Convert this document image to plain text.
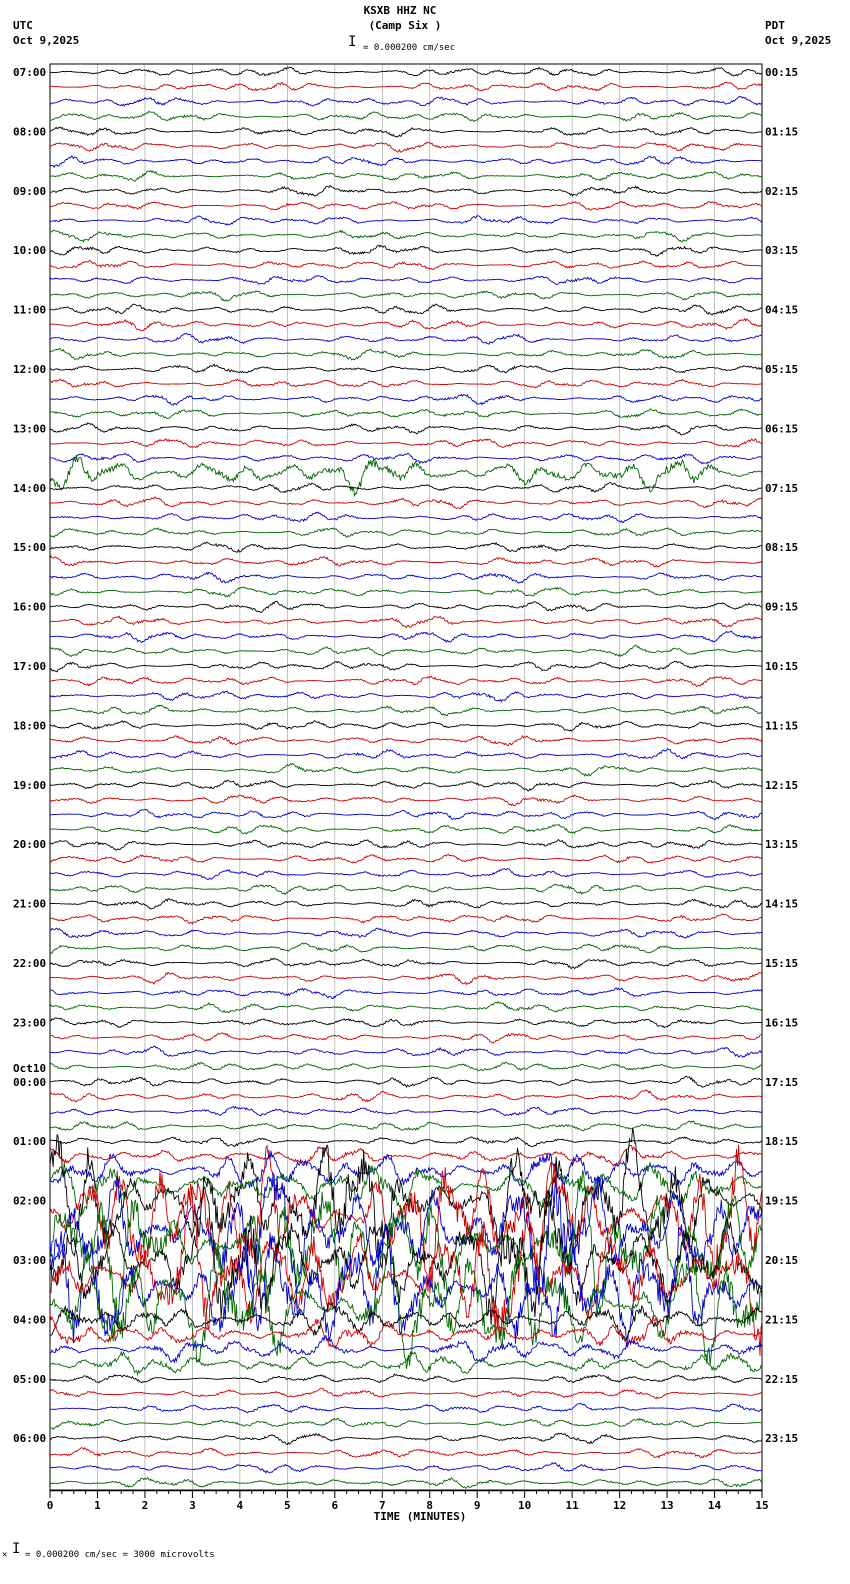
KSXB HHZ NC
(Camp Six )
UTC
Oct 9,2025
PDT
Oct 9,2025
I = 0.000200 cm/sec
07:00	00:15
08:00	01:15
09:00	02:15
10:00	03:15
11:00	04:15
12:00	05:15
13:00	06:15
14:00	07:15
15:00	08:15
16:00	09:15
17:00	10:15
18:00	11:15
19:00	12:15
20:00	13:15
21:00	14:15
22:00	15:15
23:00	16:15
00:00	17:15
01:00	18:15
02:00	19:15
03:00	20:15
04:00	21:15
05:00	22:15
06:00	23:15
Oct10
0	1	2	3	4	5	6	7	8	9	10	11	12	13	14	15
TIME (MINUTES)
✕ I = 0.000200 cm/sec = 3000 microvolts
